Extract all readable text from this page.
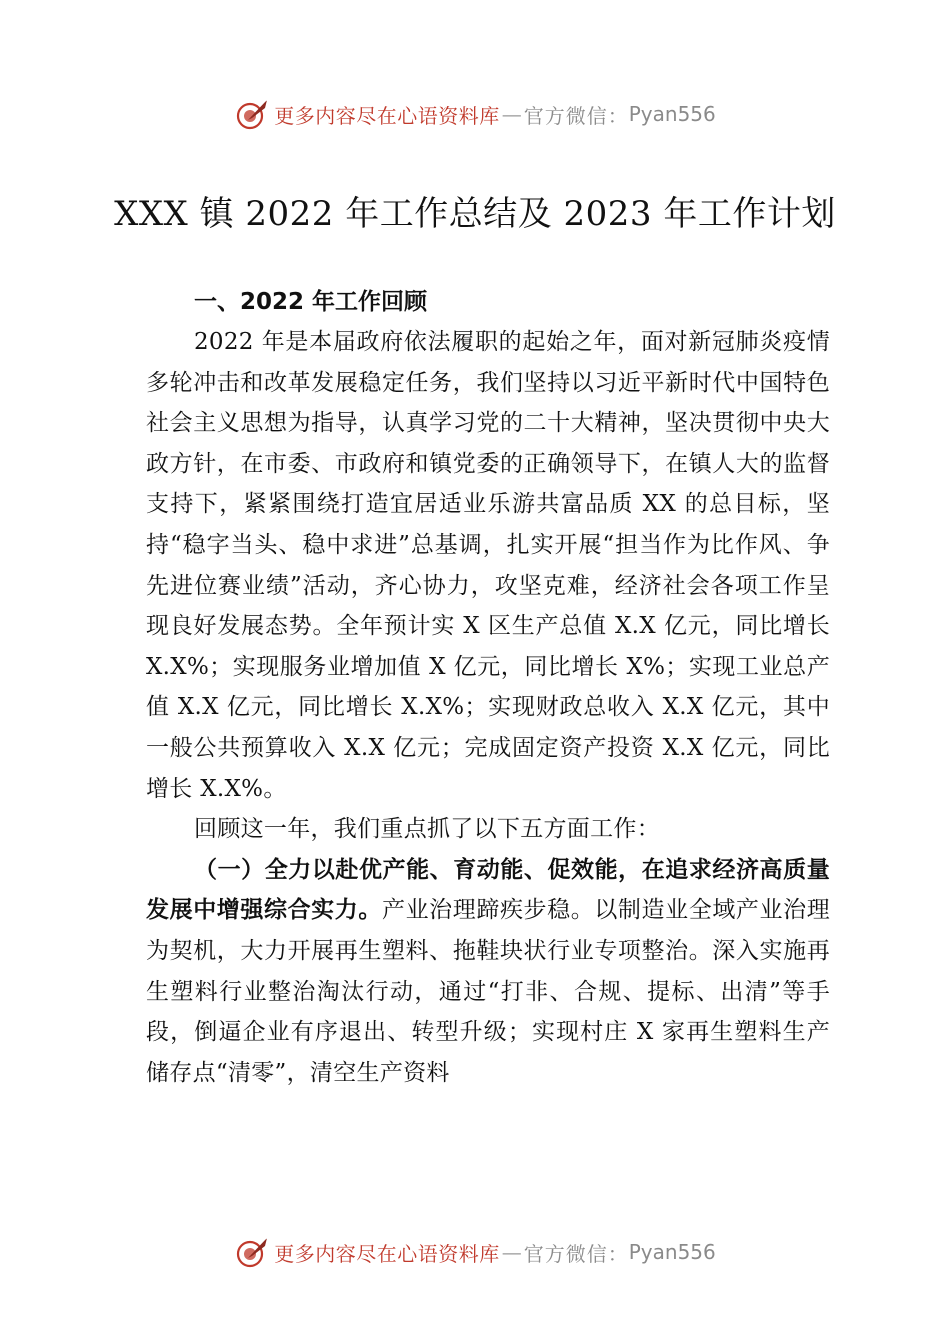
更多内容尽在心语资料库 — 官方微信： Pyan556
XXX 镇 2022 年工作总结及 2023 年工作计划

一、2022 年工作回顾

2022 年是本届政府依法履职的起始之年，面对新冠肺炎疫情多轮冲击和改革发展稳定任务，我们坚持以习近平新时代中国特色社会主义思想为指导，认真学习党的二十大精神，坚决贯彻中央大政方针，在市委、市政府和镇党委的正确领导下，在镇人大的监督支持下，紧紧围绕打造宜居适业乐游共富品质 XX 的总目标，坚持“稳字当头、稳中求进”总基调，扎实开展“担当作为比作风、争先进位赛业绩”活动，齐心协力，攻坚克难，经济社会各项工作呈现良好发展态势。全年预计实 X 区生产总值 X.X 亿元，同比增长 X.X%；实现服务业增加值 X 亿元，同比增长 X%；实现工业总产值 X.X 亿元，同比增长 X.X%；实现财政总收入 X.X 亿元，其中一般公共预算收入 X.X 亿元；完成固定资产投资 X.X 亿元，同比增长 X.X%。

回顾这一年，我们重点抓了以下五方面工作：

（一）全力以赴优产能、育动能、促效能，在追求经济高质量发展中增强综合实力。产业治理蹄疾步稳。以制造业全域产业治理为契机，大力开展再生塑料、拖鞋块状行业专项整治。深入实施再生塑料行业整治淘汰行动，通过“打非、合规、提标、出清”等手段，倒逼企业有序退出、转型升级；实现村庄 X 家再生塑料生产储存点“清零”，清空生产资料

更多内容尽在心语资料库 — 官方微信： Pyan556
